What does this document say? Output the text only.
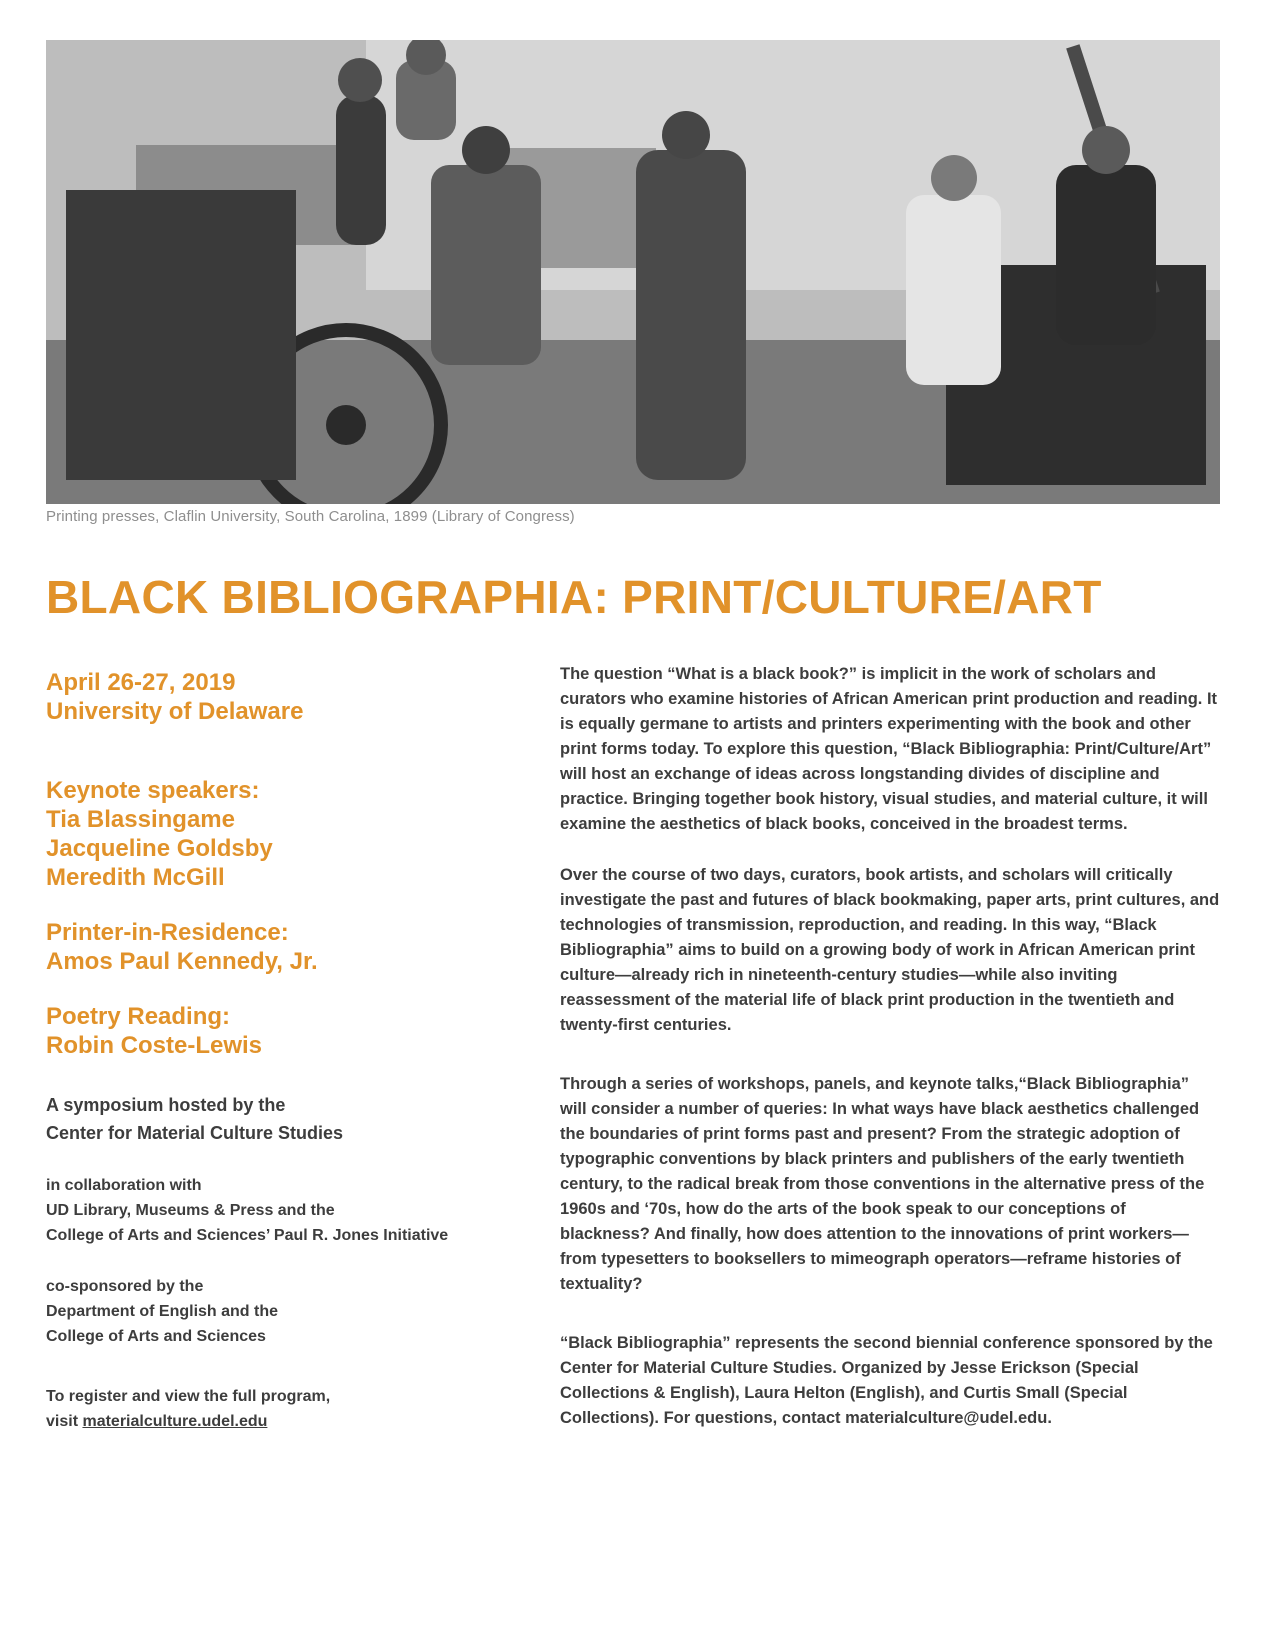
Printing presses, Claflin University, South Carolina, 1899 (Library of Congress)
BLACK BIBLIOGRAPHIA: PRINT/CULTURE/ART
April 26-27, 2019
University of Delaware
Keynote speakers:
Tia Blassingame
Jacqueline Goldsby
Meredith McGill
Printer-in-Residence:
Amos Paul Kennedy, Jr.
Poetry Reading:
Robin Coste-Lewis
A symposium hosted by the
Center for Material Culture Studies
in collaboration with
UD Library, Museums & Press and the
College of Arts and Sciences’ Paul R. Jones Initiative
co-sponsored by the
Department of English and the
College of Arts and Sciences
To register and view the full program,
visit materialculture.udel.edu

The question “What is a black book?” is implicit in the work of scholars and curators who examine histories of African American print production and reading. It is equally germane to artists and printers experimenting with the book and other print forms today. To explore this question, “Black Bibliographia: Print/Culture/Art” will host an exchange of ideas across longstanding divides of discipline and practice. Bringing together book history, visual studies, and material culture, it will examine the aesthetics of black books, conceived in the broadest terms.

Over the course of two days, curators, book artists, and scholars will critically investigate the past and futures of black bookmaking, paper arts, print cultures, and technologies of transmission, reproduction, and reading. In this way, “Black Bibliographia” aims to build on a growing body of work in African American print culture—already rich in nineteenth-century studies—while also inviting reassessment of the material life of black print production in the twentieth and twenty-first centuries.

Through a series of workshops, panels, and keynote talks,“Black Bibliographia” will consider a number of queries: In what ways have black aesthetics challenged the boundaries of print forms past and present? From the strategic adoption of typographic conventions by black printers and publishers of the early twentieth century, to the radical break from those conventions in the alternative press of the 1960s and ‘70s, how do the arts of the book speak to our conceptions of blackness? And finally, how does attention to the innovations of print workers—from typesetters to booksellers to mimeograph operators—reframe histories of textuality?

“Black Bibliographia” represents the second biennial conference sponsored by the Center for Material Culture Studies. Organized by Jesse Erickson (Special Collections & English), Laura Helton (English), and Curtis Small (Special Collections). For questions, contact materialculture@udel.edu.
